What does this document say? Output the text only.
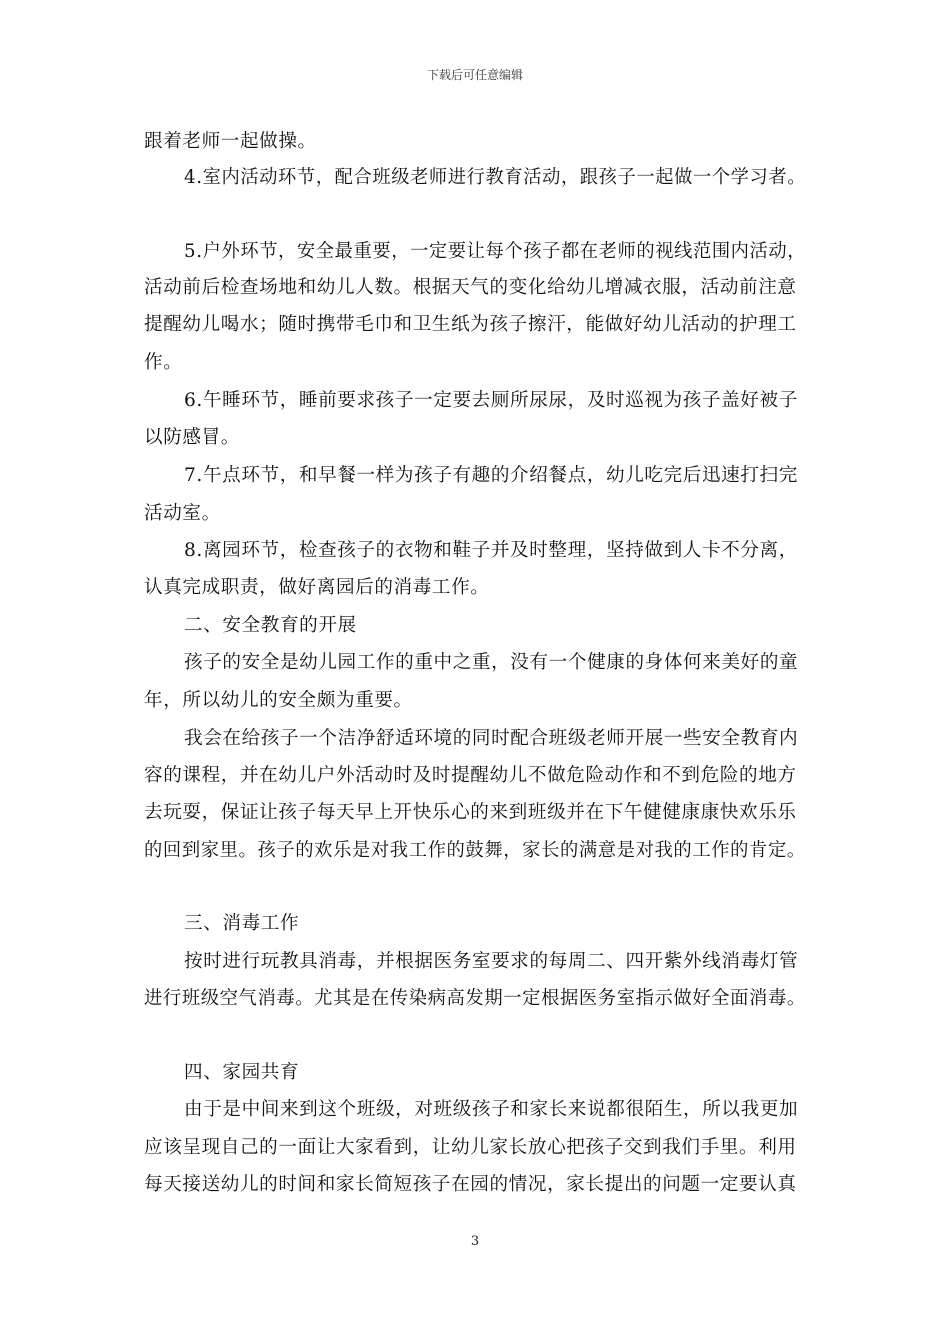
下载后可任意编辑
跟着老师一起做操。
4.室内活动环节，配合班级老师进行教育活动，跟孩子一起做一个学习者。
5.户外环节，安全最重要，一定要让每个孩子都在老师的视线范围内活动，
活动前后检查场地和幼儿人数。根据天气的变化给幼儿增减衣服，活动前注意
提醒幼儿喝水；随时携带毛巾和卫生纸为孩子擦汗，能做好幼儿活动的护理工
作。
6.午睡环节，睡前要求孩子一定要去厕所尿尿，及时巡视为孩子盖好被子
以防感冒。
7.午点环节，和早餐一样为孩子有趣的介绍餐点，幼儿吃完后迅速打扫完
活动室。
8.离园环节，检查孩子的衣物和鞋子并及时整理，坚持做到人卡不分离，
认真完成职责，做好离园后的消毒工作。
二、安全教育的开展
孩子的安全是幼儿园工作的重中之重，没有一个健康的身体何来美好的童
年，所以幼儿的安全颇为重要。
我会在给孩子一个洁净舒适环境的同时配合班级老师开展一些安全教育内
容的课程，并在幼儿户外活动时及时提醒幼儿不做危险动作和不到危险的地方
去玩耍，保证让孩子每天早上开快乐心的来到班级并在下午健健康康快欢乐乐
的回到家里。孩子的欢乐是对我工作的鼓舞，家长的满意是对我的工作的肯定。
三、消毒工作
按时进行玩教具消毒，并根据医务室要求的每周二、四开紫外线消毒灯管
进行班级空气消毒。尤其是在传染病高发期一定根据医务室指示做好全面消毒。
四、家园共育
由于是中间来到这个班级，对班级孩子和家长来说都很陌生，所以我更加
应该呈现自己的一面让大家看到，让幼儿家长放心把孩子交到我们手里。利用
每天接送幼儿的时间和家长简短孩子在园的情况，家长提出的问题一定要认真
3
